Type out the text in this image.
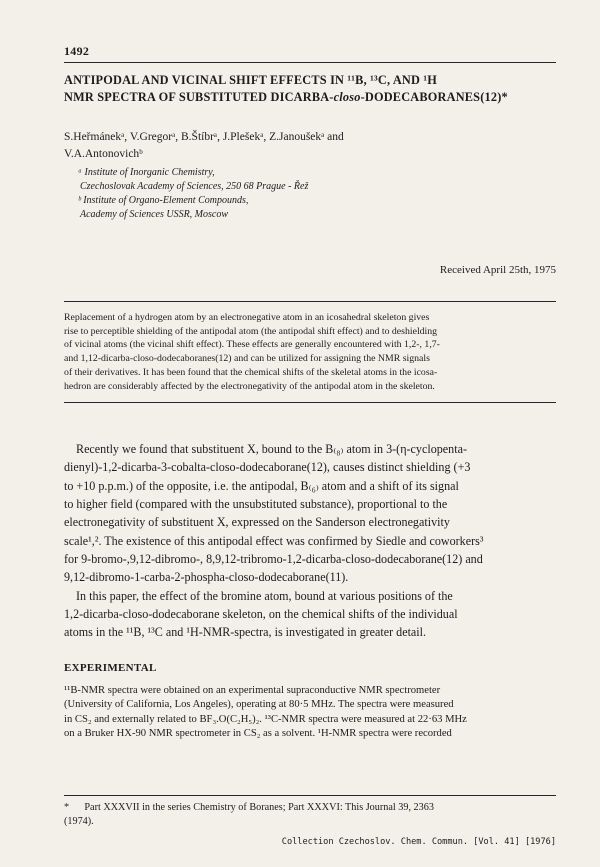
1492
ANTIPODAL AND VICINAL SHIFT EFFECTS IN ¹¹B, ¹³C, AND ¹H
NMR SPECTRA OF SUBSTITUTED DICARBA-closo-DODECABORANES(12)*
S.Heřmánekᵃ, V.Gregorᵃ, B.Štíbrᵃ, J.Plešekᵃ, Z.Janoušekᵃ and
V.A.Antonovichᵇ
ᵃ Institute of Inorganic Chemistry,
Czechoslovak Academy of Sciences, 250 68 Prague - Řež
ᵇ Institute of Organo-Element Compounds,
Academy of Sciences USSR, Moscow
Received April 25th, 1975
Replacement of a hydrogen atom by an electronegative atom in an icosahedral skeleton gives
rise to perceptible shielding of the antipodal atom (the antipodal shift effect) and to deshielding
of vicinal atoms (the vicinal shift effect). These effects are generally encountered with 1,2-, 1,7-
and 1,12-dicarba-closo-dodecaboranes(12) and can be utilized for assigning the NMR signals
of their derivatives. It has been found that the chemical shifts of the skeletal atoms in the icosa-
hedron are considerably affected by the electronegativity of the antipodal atom in the skeleton.
Recently we found that substituent X, bound to the B₍₈₎ atom in 3-(η-cyclopenta-
dienyl)-1,2-dicarba-3-cobalta-closo-dodecaborane(12), causes distinct shielding (+3
to +10 p.p.m.) of the opposite, i.e. the antipodal, B₍₆₎ atom and a shift of its signal
to higher field (compared with the unsubstituted substance), proportional to the
electronegativity of substituent X, expressed on the Sanderson electronegativity
scale¹,². The existence of this antipodal effect was confirmed by Siedle and coworkers³
for 9-bromo-,9,12-dibromo-, 8,9,12-tribromo-1,2-dicarba-closo-dodecaborane(12) and
9,12-dibromo-1-carba-2-phospha-closo-dodecaborane(11).
In this paper, the effect of the bromine atom, bound at various positions of the
1,2-dicarba-closo-dodecaborane skeleton, on the chemical shifts of the individual
atoms in the ¹¹B, ¹³C and ¹H-NMR-spectra, is investigated in greater detail.
EXPERIMENTAL
¹¹B-NMR spectra were obtained on an experimental supraconductive NMR spectrometer
(University of California, Los Angeles), operating at 80·5 MHz. The spectra were measured
in CS₂ and externally related to BF₃.O(C₂H₅)₂. ¹³C-NMR spectra were measured at 22·63 MHz
on a Bruker HX-90 NMR spectrometer in CS₂ as a solvent. ¹H-NMR spectra were recorded
*      Part XXXVII in the series Chemistry of Boranes; Part XXXVI: This Journal 39, 2363
(1974).
Collection Czechoslov. Chem. Commun. [Vol. 41] [1976]
